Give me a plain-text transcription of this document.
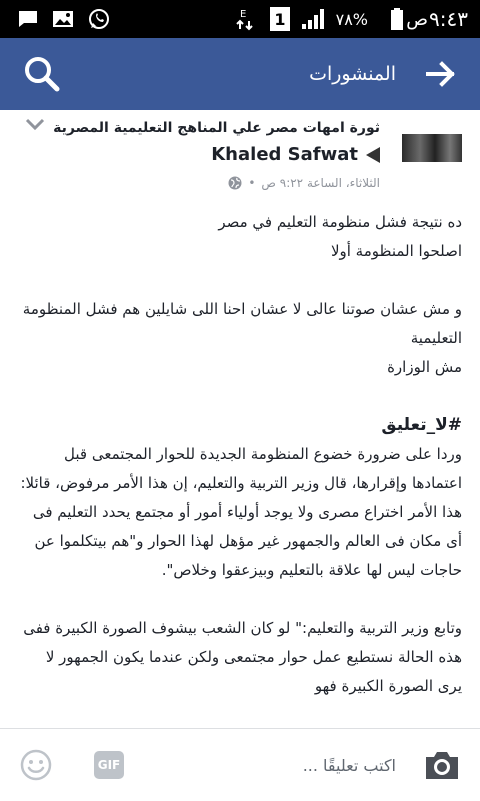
E 1	٧٨% ص ٩:٤٣
المنشورات
ثورة امهات مصر علي المناهج التعليمية المصرية
Khaled Safwat
الثلاثاء، الساعة ٩:٢٢ ص
•

ده نتيجة فشل منظومة التعليم في مصر

اصلحوا المنظومة أولا

و مش عشان صوتنا عالى لا عشان احنا اللى شايلين هم فشل المنظومة التعليمية

مش الوزارة

#لا_تعليق

وردا على ضرورة خضوع المنظومة الجديدة للحوار المجتمعى قبل اعتمادها وإقرارها، قال وزير التربية والتعليم، إن هذا الأمر مرفوض، قائلا: هذا الأمر اختراع مصرى ولا يوجد أولياء أمور أو مجتمع يحدد التعليم فى أى مكان فى العالم والجمهور غير مؤهل لهذا الحوار و"هم بيتكلموا عن حاجات ليس لها علاقة بالتعليم وبيزعقوا وخلاص".

وتابع وزير التربية والتعليم:" لو كان الشعب بيشوف الصورة الكبيرة ففى هذه الحالة نستطيع عمل حوار مجتمعى ولكن عندما يكون الجمهور لا يرى الصورة الكبيرة فهو

اكتب تعليقًا ...
GIF
